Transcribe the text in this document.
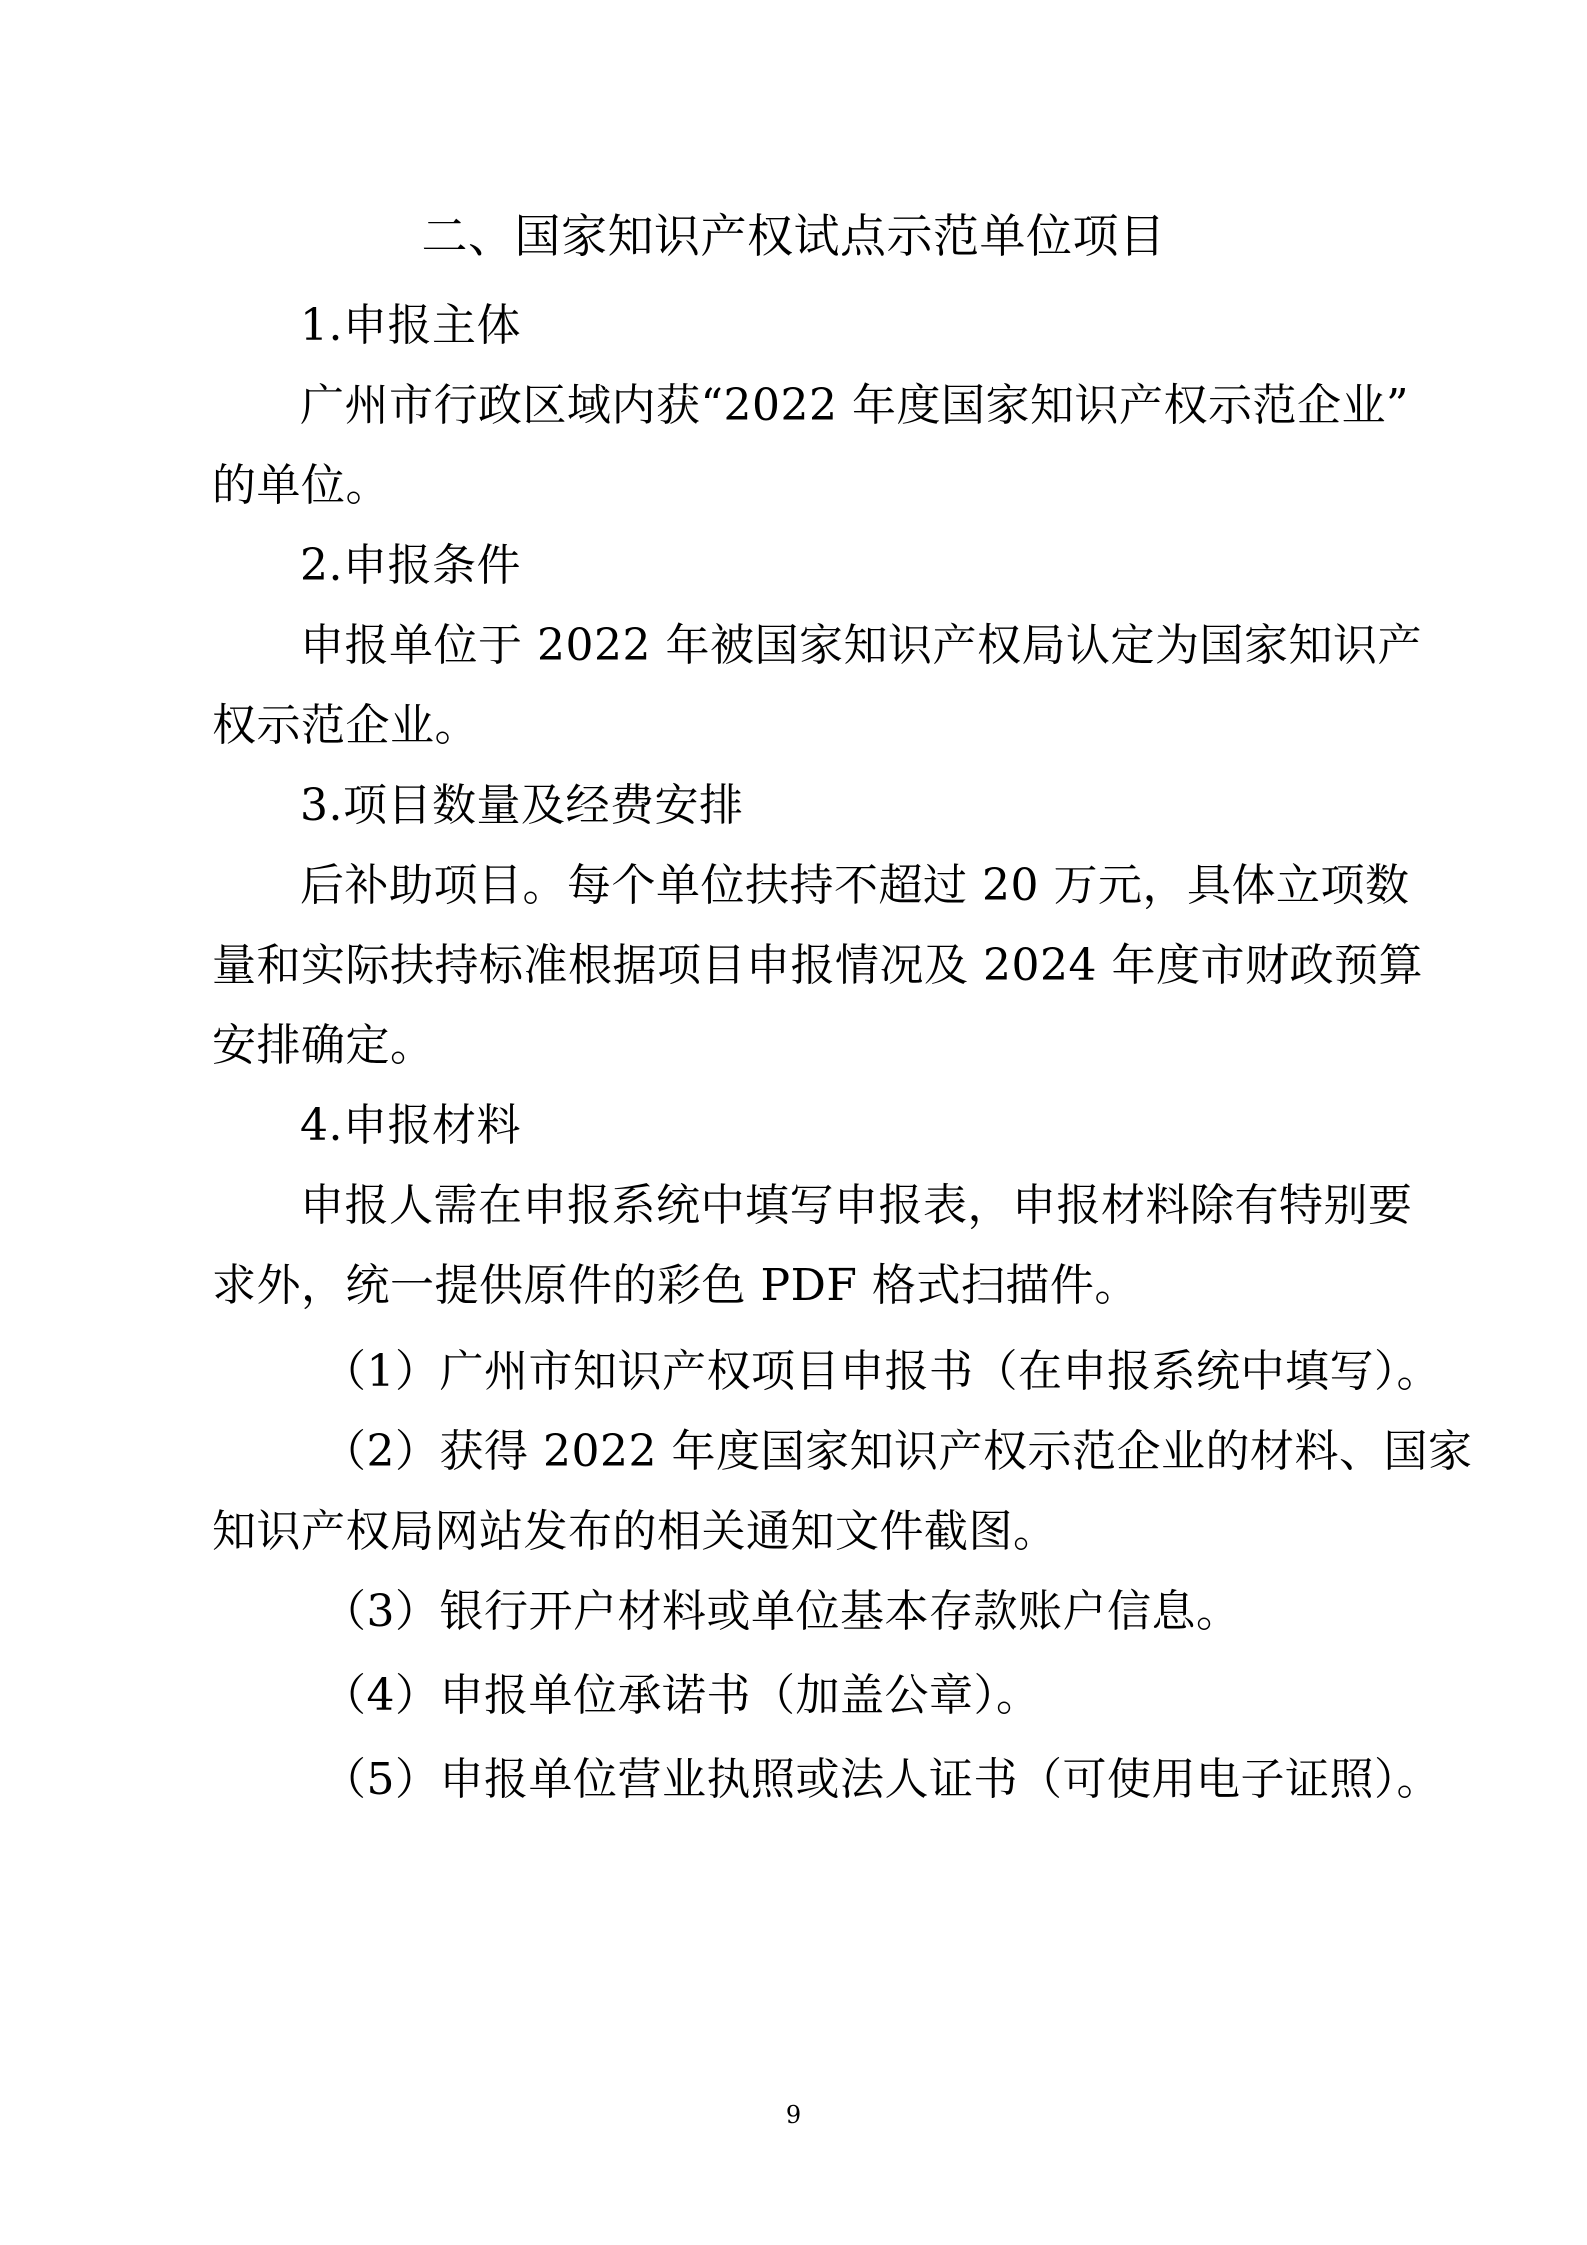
二、国家知识产权试点示范单位项目
1.申报主体
广州市行政区域内获“2022 年度国家知识产权示范企业”
的单位。
2.申报条件
申报单位于 2022 年被国家知识产权局认定为国家知识产
权示范企业。
3.项目数量及经费安排
后补助项目。每个单位扶持不超过 20 万元，具体立项数
量和实际扶持标准根据项目申报情况及 2024 年度市财政预算
安排确定。
4.申报材料
申报人需在申报系统中填写申报表，申报材料除有特别要
求外，统一提供原件的彩色 PDF 格式扫描件。
（1）广州市知识产权项目申报书（在申报系统中填写）。
（2）获得 2022 年度国家知识产权示范企业的材料、国家
知识产权局网站发布的相关通知文件截图。
（3）银行开户材料或单位基本存款账户信息。
（4）申报单位承诺书（加盖公章）。
（5）申报单位营业执照或法人证书（可使用电子证照）。
9
